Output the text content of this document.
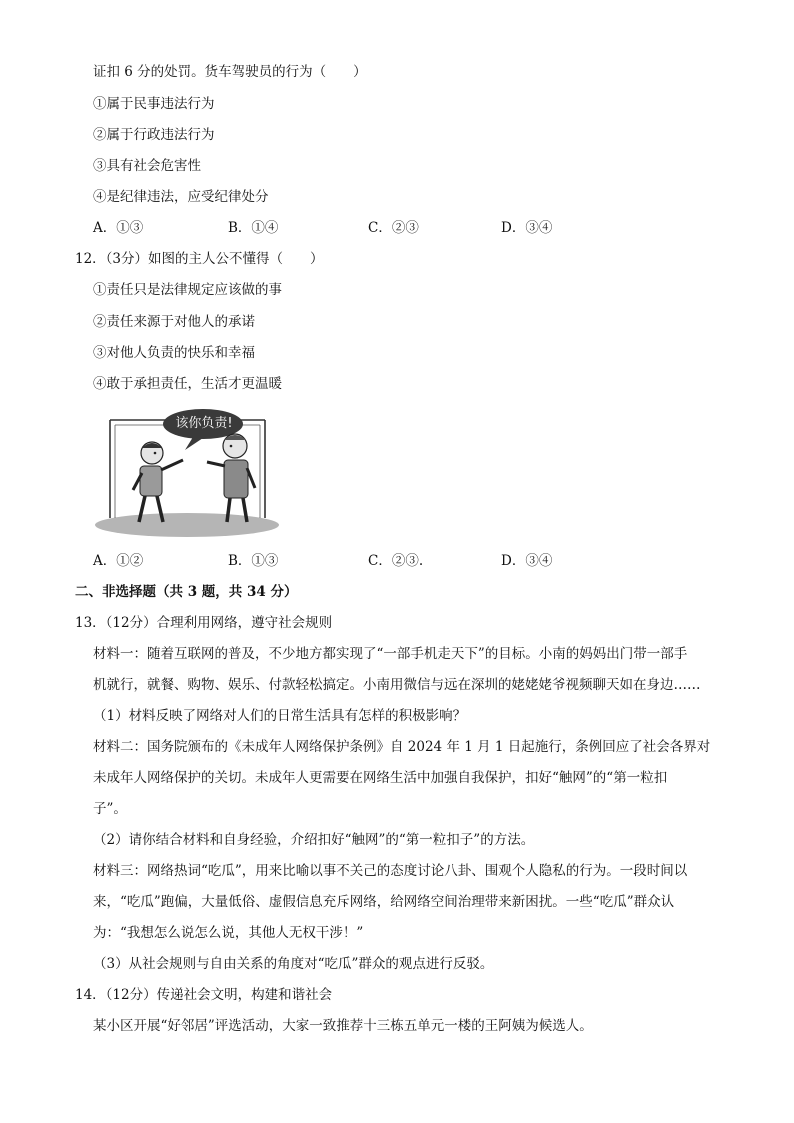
证扣 6 分的处罚。货车驾驶员的行为（　　）
①属于民事违法行为
②属于行政违法行为
③具有社会危害性
④是纪律违法，应受纪律处分
A．①③	B．①④	C．②③	D．③④
12．（3分）如图的主人公不懂得（　　）
①责任只是法律规定应该做的事
②责任来源于对他人的承诺
③对他人负责的快乐和幸福
④敢于承担责任，生活才更温暖
该你负责!
A．①②	B．①③	C．②③.	D．③④
二、非选择题（共 3 题，共 34 分）
13．（12分）合理利用网络，遵守社会规则
材料一：随着互联网的普及，不少地方都实现了“一部手机走天下”的目标。小南的妈妈出门带一部手
机就行，就餐、购物、娱乐、付款轻松搞定。小南用微信与远在深圳的姥姥姥爷视频聊天如在身边……
（1）材料反映了网络对人们的日常生活具有怎样的积极影响？
材料二：国务院颁布的《未成年人网络保护条例》自 2024 年 1 月 1 日起施行，条例回应了社会各界对
未成年人网络保护的关切。未成年人更需要在网络生活中加强自我保护，扣好“触网”的“第一粒扣
子”。
（2）请你结合材料和自身经验，介绍扣好“触网”的“第一粒扣子”的方法。
材料三：网络热词“吃瓜”，用来比喻以事不关己的态度讨论八卦、围观个人隐私的行为。一段时间以
来，“吃瓜”跑偏，大量低俗、虚假信息充斥网络，给网络空间治理带来新困扰。一些“吃瓜”群众认
为：“我想怎么说怎么说，其他人无权干涉！”
（3）从社会规则与自由关系的角度对“吃瓜”群众的观点进行反驳。
14．（12分）传递社会文明，构建和谐社会
某小区开展“好邻居”评选活动，大家一致推荐十三栋五单元一楼的王阿姨为候选人。
